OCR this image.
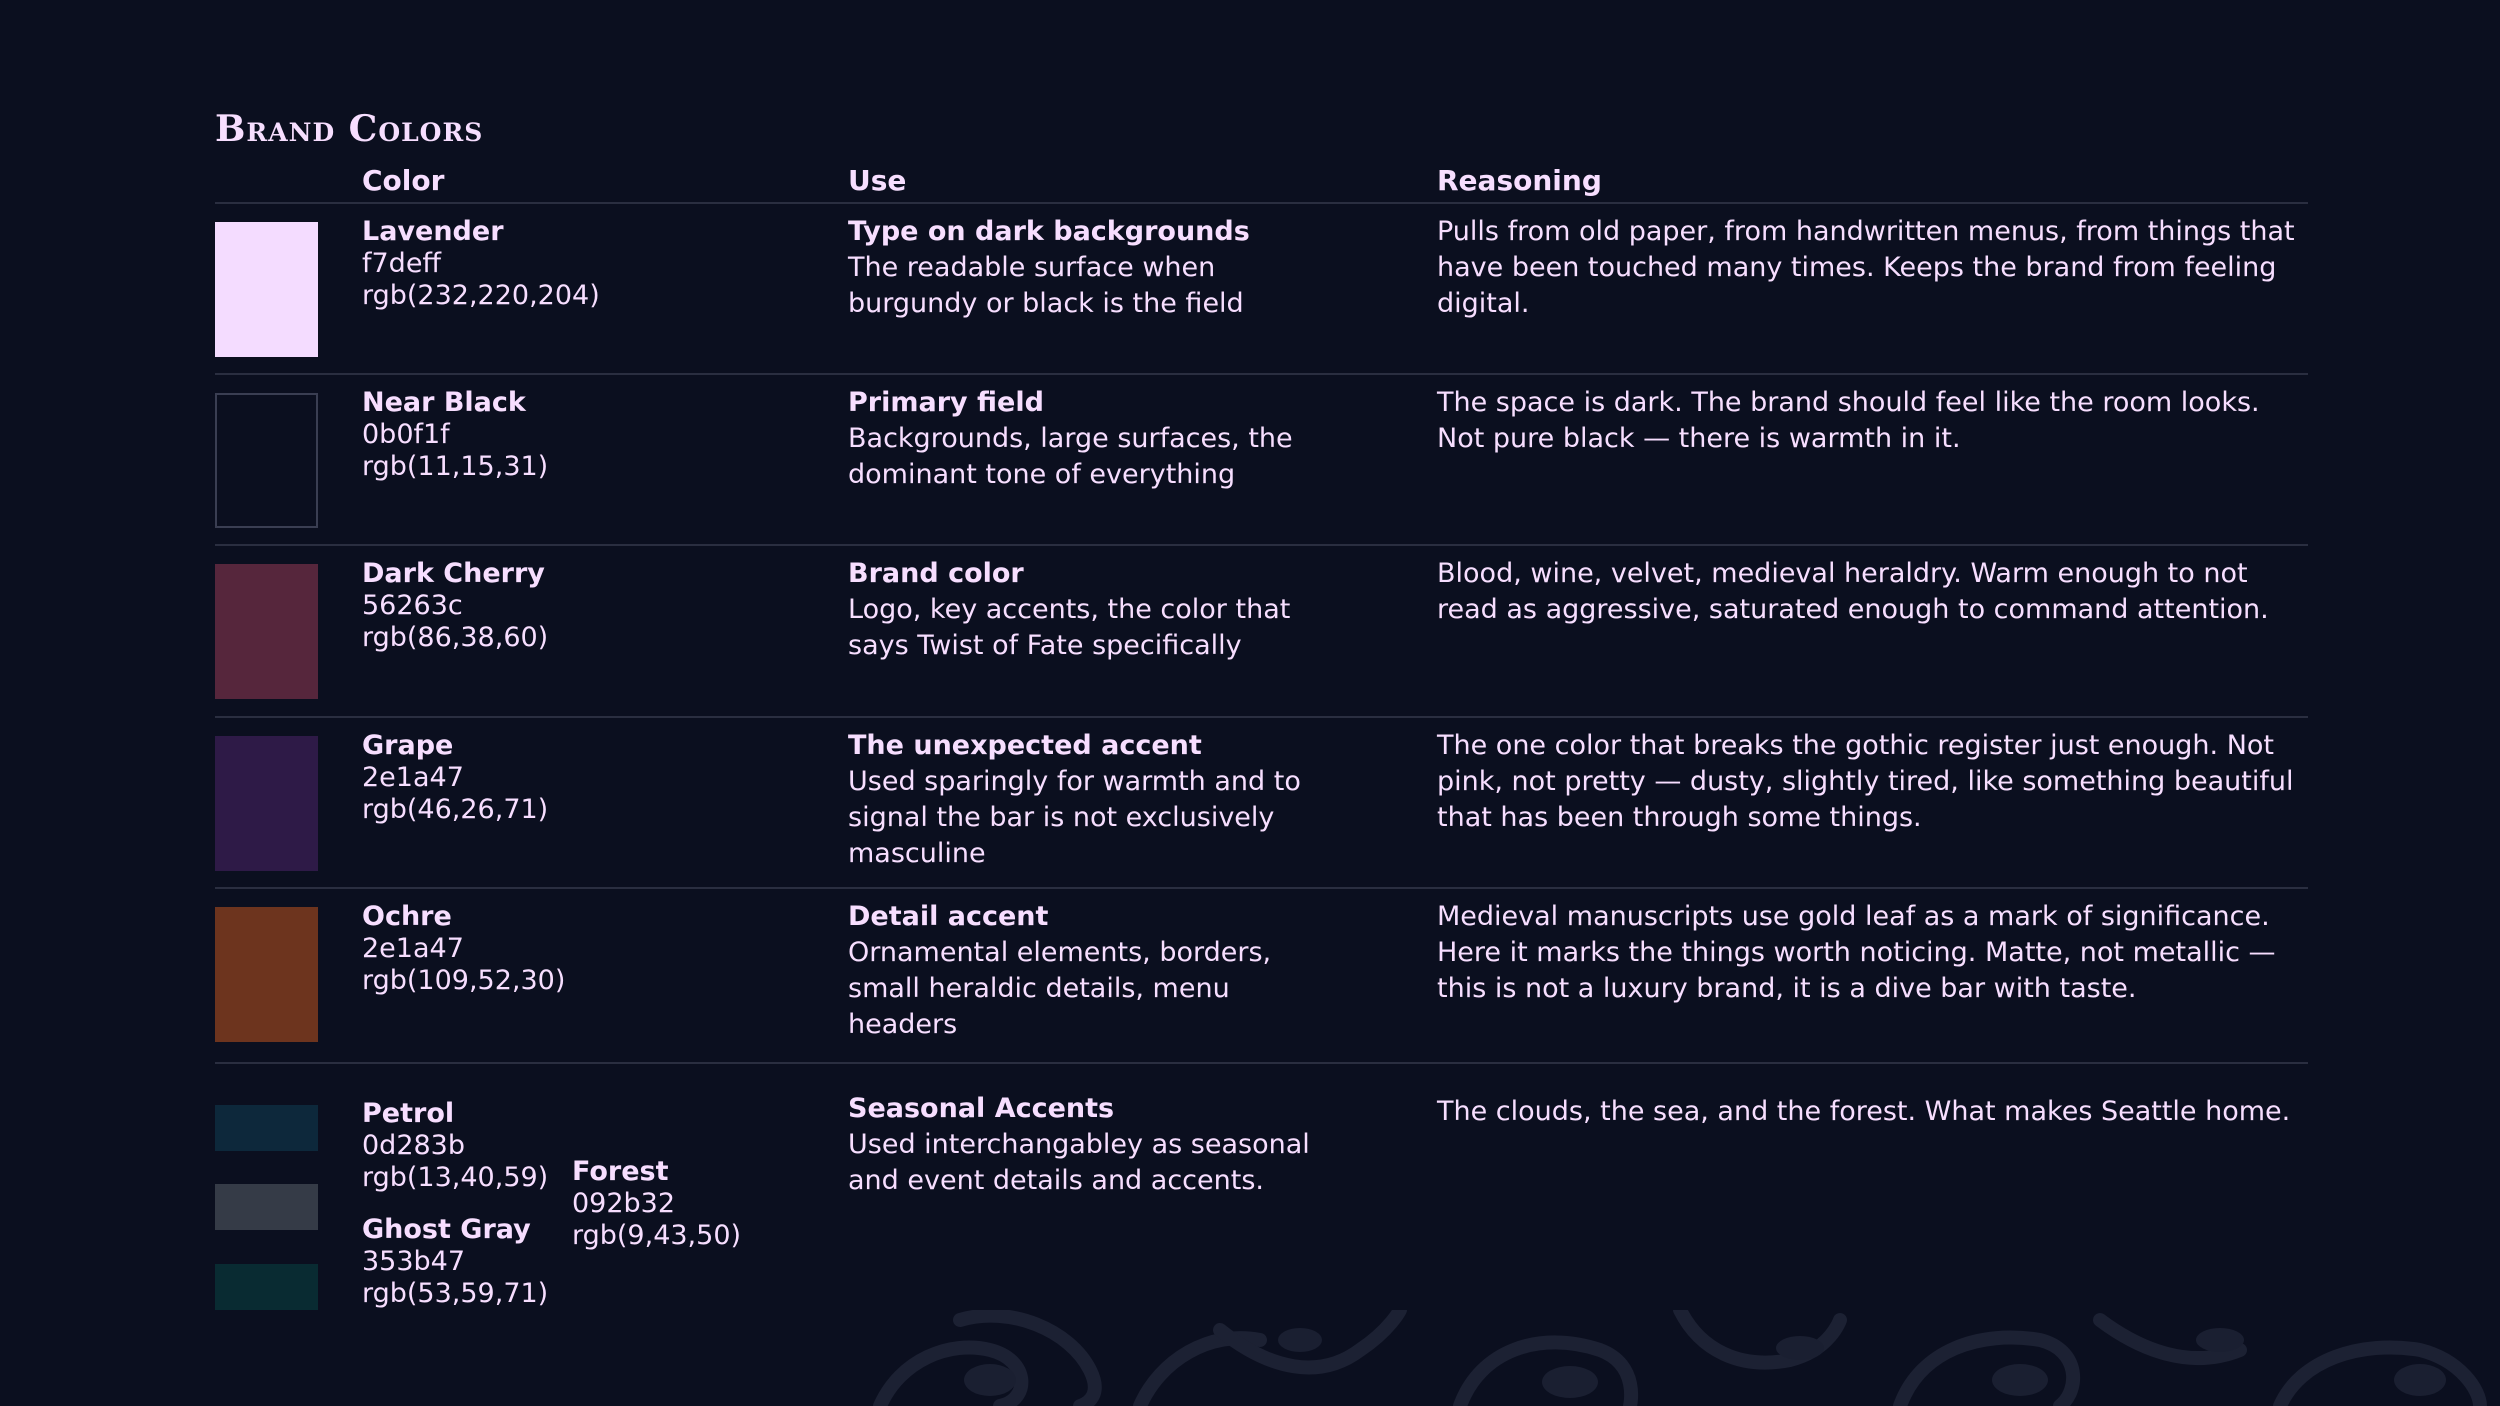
Brand Colors
Color	Use	Reasoning
Lavender
f7deff
rgb(232,220,204)
Type on dark backgrounds
The readable surface when burgundy or black is the field
Pulls from old paper, from handwritten menus, from things that have been touched many times. Keeps the brand from feeling digital.
Near Black
0b0f1f
rgb(11,15,31)
Primary field
Backgrounds, large surfaces, the dominant tone of everything
The space is dark. The brand should feel like the room looks. Not pure black — there is warmth in it.
Dark Cherry
56263c
rgb(86,38,60)
Brand color
Logo, key accents, the color that says Twist of Fate specifically
Blood, wine, velvet, medieval heraldry. Warm enough to not read as aggressive, saturated enough to command attention.
Grape
2e1a47
rgb(46,26,71)
The unexpected accent
Used sparingly for warmth and to signal the bar is not exclusively masculine
The one color that breaks the gothic register just enough. Not pink, not pretty — dusty, slightly tired, like something beautiful that has been through some things.
Ochre
2e1a47
rgb(109,52,30)
Detail accent
Ornamental elements, borders, small heraldic details, menu headers
Medieval manuscripts use gold leaf as a mark of significance. Here it marks the things worth noticing. Matte, not metallic — this is not a luxury brand, it is a dive bar with taste.
Petrol
0d283b
rgb(13,40,59)
Ghost Gray
353b47
rgb(53,59,71)
Forest
092b32
rgb(9,43,50)
Seasonal Accents
Used interchangabley as seasonal and event details and accents.
The clouds, the sea, and the forest. What makes Seattle home.
